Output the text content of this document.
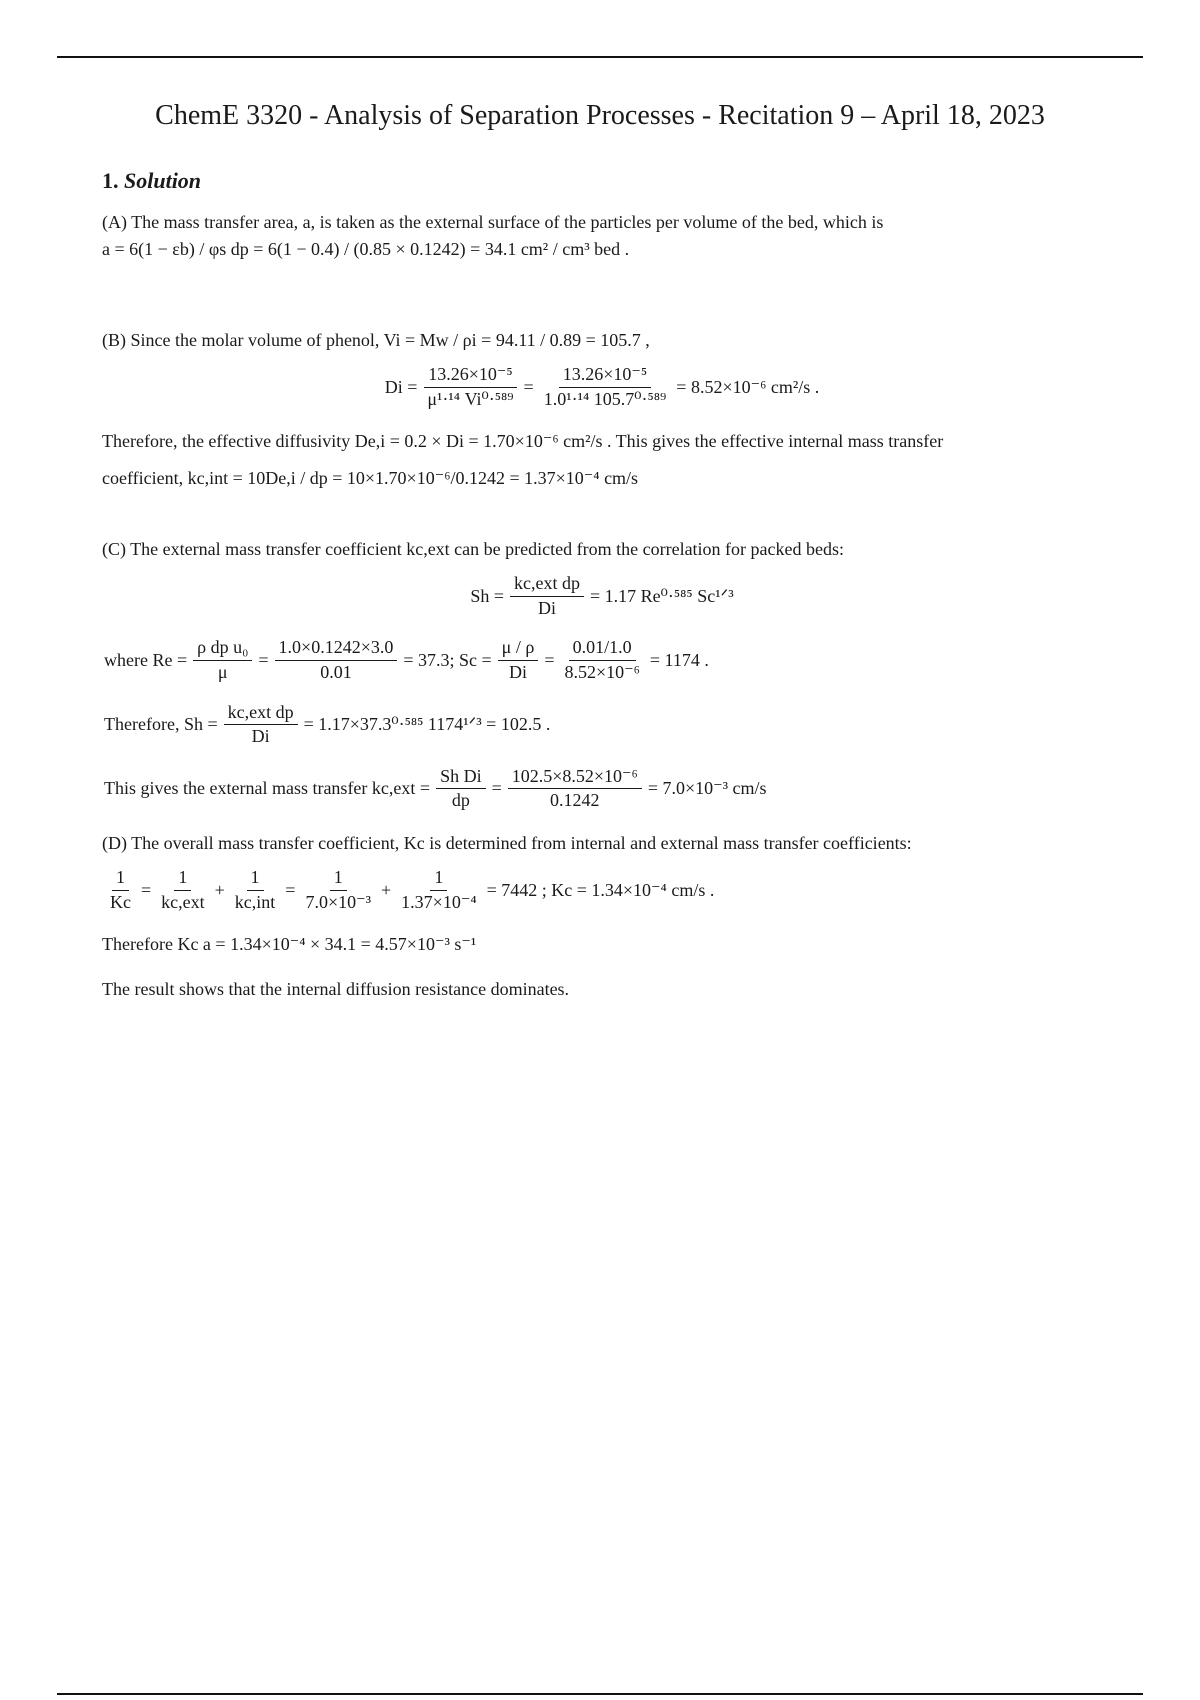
ChemE 3320 - Analysis of Separation Processes - Recitation 9 – April 18, 2023
1. Solution

(A) The mass transfer area, a, is taken as the external surface of the particles per volume of the bed, which is

a = 6(1 − εb) / φs dp = 6(1 − 0.4) / (0.85 × 0.1242) = 34.1 cm² / cm³ bed .

(B) Since the molar volume of phenol, Vi = Mw / ρi = 94.11 / 0.89 = 105.7 ,

$Di = \frac{\text{13.26×10⁻⁵}}{\text{μ¹·¹⁴ Vi⁰·⁵⁸⁹}} = \frac{\text{13.26×10⁻⁵}}{\text{1.0¹·¹⁴ 105.7⁰·⁵⁸⁹}} = 8.52\times 10^{-6}$ cm²/s .

Therefore, the effective diffusivity De,i = 0.2 × Di = 1.70×10⁻⁶ cm²/s . This gives the effective internal mass transfer

coefficient, kc,int = 10De,i / dp = 10×1.70×10⁻⁶/0.1242 = 1.37×10⁻⁴ cm/s

(C) The external mass transfer coefficient kc,ext can be predicted from the correlation for packed beds:

$Sh = \frac{\text{kc,ext dp}}{Di} = 1.17$ Re⁰·⁵⁸⁵ Sc¹ᐟ³
where $Re = \frac{\text{ρ dp u₀}}{\mu} = \frac{1.0\times 0.1242\times 3.0}{0.01} = 37.3$; $Sc = \frac{\mu / \rho}{Di} = \frac{0.01/1.0}{\text{8.52×10⁻⁶}} = 1174$ .
Therefore, $Sh = \frac{\text{kc,ext dp}}{Di} = 1.17\times 37.3^0\cdot^{585}$ 1174¹ᐟ³ = 102.5 .
This gives the external mass transfer $kc,ext = \frac{\text{Sh Di}}{dp} = \frac{\text{102.5×8.52×10⁻⁶}}{0.1242} = 7.0\times 10^{-3}$ cm/s

(D) The overall mass transfer coefficient, Kc is determined from internal and external mass transfer coefficients:

$\frac{1}{Kc} = \frac{1}{\text{kc,ext}} + \frac{1}{\text{kc,int}} = \frac{1}{\text{7.0×10⁻³}} + \frac{1}{\text{1.37×10⁻⁴}} = 7442$ ; Kc = 1.34×10⁻⁴ cm/s .

Therefore Kc a = 1.34×10⁻⁴ × 34.1 = 4.57×10⁻³ s⁻¹

The result shows that the internal diffusion resistance dominates.
